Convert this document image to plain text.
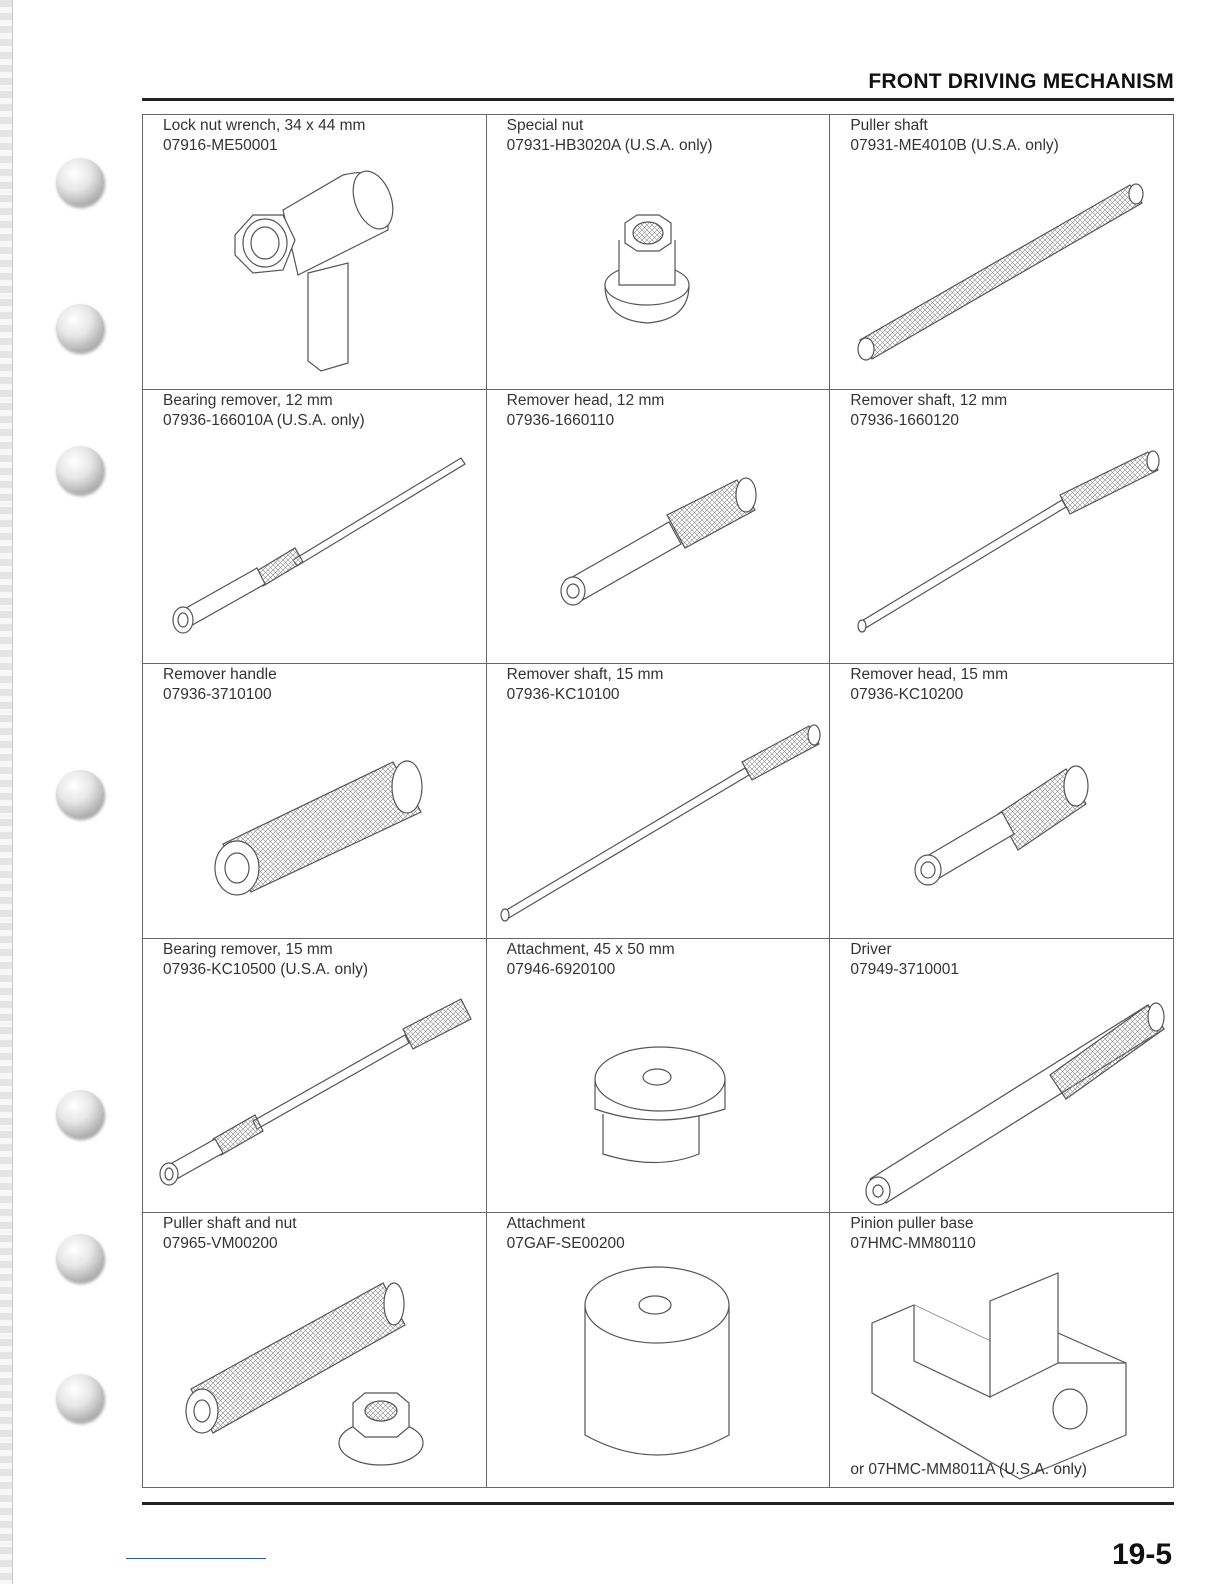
FRONT DRIVING MECHANISM
Lock nut wrench, 34 x 44 mm
07916-ME50001
Special nut
07931-HB3020A (U.S.A. only)
Puller shaft
07931-ME4010B (U.S.A. only)
Bearing remover, 12 mm
07936-166010A (U.S.A. only)
Remover head, 12 mm
07936-1660110
Remover shaft, 12 mm
07936-1660120
Remover handle
07936-3710100
Remover shaft, 15 mm
07936-KC10100
Remover head, 15 mm
07936-KC10200
Bearing remover, 15 mm
07936-KC10500 (U.S.A. only)
Attachment, 45 x 50 mm
07946-6920100
Driver
07949-3710001
Puller shaft and nut
07965-VM00200
Attachment
07GAF-SE00200
Pinion puller base
07HMC-MM80110
or 07HMC-MM8011A (U.S.A. only)
19-5
